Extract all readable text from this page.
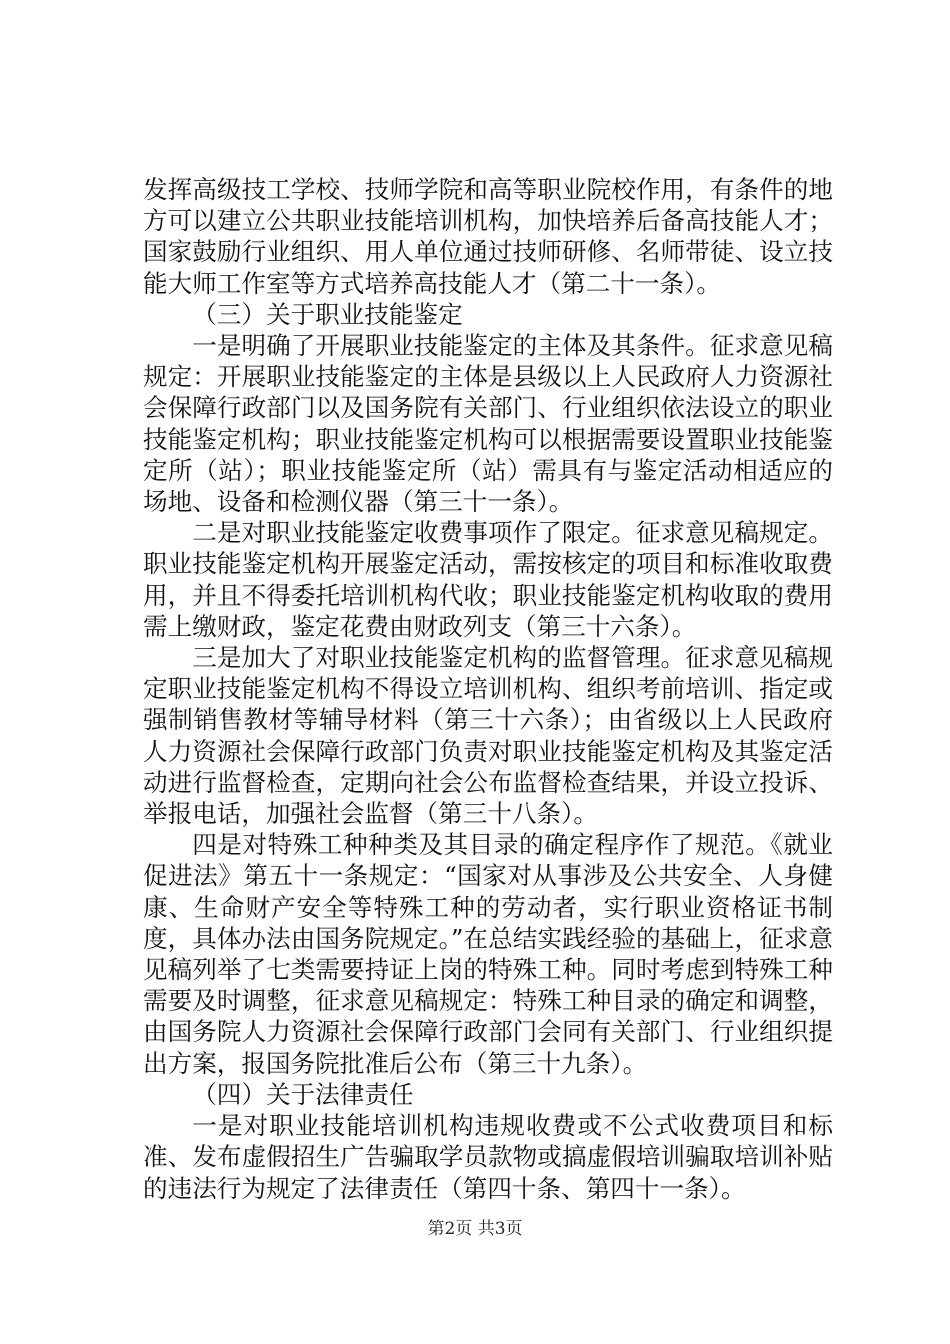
发挥高级技工学校、技师学院和高等职业院校作用，有条件的地方可以建立公共职业技能培训机构，加快培养后备高技能人才；国家鼓励行业组织、用人单位通过技师研修、名师带徒、设立技能大师工作室等方式培养高技能人才（第二十一条）。

（三）关于职业技能鉴定

一是明确了开展职业技能鉴定的主体及其条件。征求意见稿规定：开展职业技能鉴定的主体是县级以上人民政府人力资源社会保障行政部门以及国务院有关部门、行业组织依法设立的职业技能鉴定机构；职业技能鉴定机构可以根据需要设置职业技能鉴定所（站）；职业技能鉴定所（站）需具有与鉴定活动相适应的场地、设备和检测仪器（第三十一条）。

二是对职业技能鉴定收费事项作了限定。征求意见稿规定。职业技能鉴定机构开展鉴定活动，需按核定的项目和标准收取费用，并且不得委托培训机构代收；职业技能鉴定机构收取的费用需上缴财政，鉴定花费由财政列支（第三十六条）。

三是加大了对职业技能鉴定机构的监督管理。征求意见稿规定职业技能鉴定机构不得设立培训机构、组织考前培训、指定或强制销售教材等辅导材料（第三十六条）；由省级以上人民政府人力资源社会保障行政部门负责对职业技能鉴定机构及其鉴定活动进行监督检查，定期向社会公布监督检查结果，并设立投诉、举报电话，加强社会监督（第三十八条）。

四是对特殊工种种类及其目录的确定程序作了规范。《就业促进法》第五十一条规定：“国家对从事涉及公共安全、人身健康、生命财产安全等特殊工种的劳动者，实行职业资格证书制度，具体办法由国务院规定。”在总结实践经验的基础上，征求意见稿列举了七类需要持证上岗的特殊工种。同时考虑到特殊工种需要及时调整，征求意见稿规定：特殊工种目录的确定和调整，由国务院人力资源社会保障行政部门会同有关部门、行业组织提出方案，报国务院批准后公布（第三十九条）。

（四）关于法律责任

一是对职业技能培训机构违规收费或不公式收费项目和标准、发布虚假招生广告骗取学员款物或搞虚假培训骗取培训补贴的违法行为规定了法律责任（第四十条、第四十一条）。

第2页 共3页
